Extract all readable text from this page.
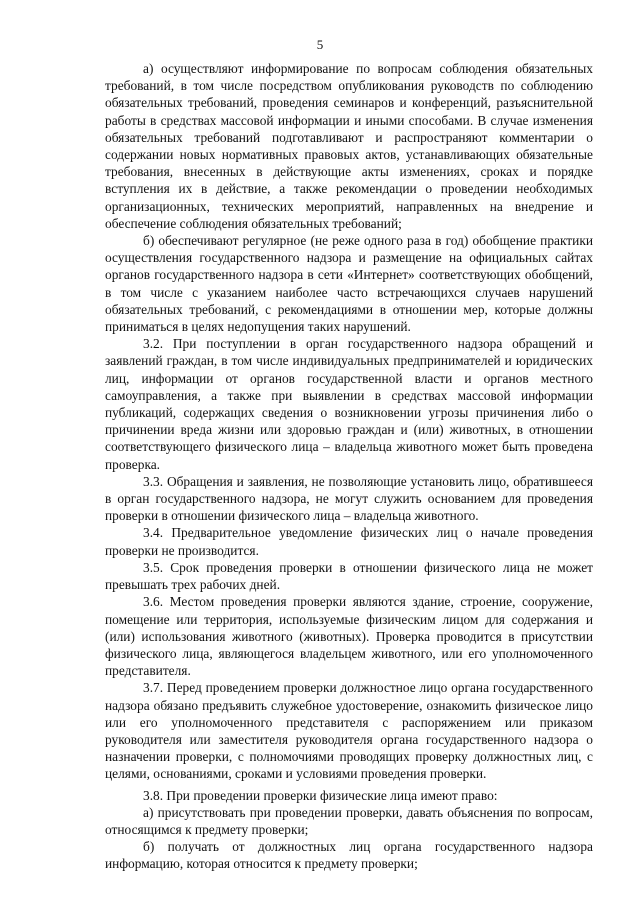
5

а) осуществляют информирование по вопросам соблюдения обязательных требований, в том числе посредством опубликования руководств по соблюдению обязательных требований, проведения семинаров и конференций, разъяснительной работы в средствах массовой информации и иными способами. В случае изменения обязательных требований подготавливают и распространяют комментарии о содержании новых нормативных правовых актов, устанавливающих обязательные требования, внесенных в действующие акты изменениях, сроках и порядке вступления их в действие, а также рекомендации о проведении необходимых организационных, технических мероприятий, направленных на внедрение и обеспечение соблюдения обязательных требований;

б) обеспечивают регулярное (не реже одного раза в год) обобщение практики осуществления государственного надзора и размещение на официальных сайтах органов государственного надзора в сети «Интернет» соответствующих обобщений, в том числе с указанием наиболее часто встречающихся случаев нарушений обязательных требований, с рекомендациями в отношении мер, которые должны приниматься в целях недопущения таких нарушений.

3.2. При поступлении в орган государственного надзора обращений и заявлений граждан, в том числе индивидуальных предпринимателей и юридических лиц, информации от органов государственной власти и органов местного самоуправления, а также при выявлении в средствах массовой информации публикаций, содержащих сведения о возникновении угрозы причинения либо о причинении вреда жизни или здоровью граждан и (или) животных, в отношении соответствующего физического лица – владельца животного может быть проведена проверка.

3.3. Обращения и заявления, не позволяющие установить лицо, обратившееся в орган государственного надзора, не могут служить основанием для проведения проверки в отношении физического лица – владельца животного.

3.4. Предварительное уведомление физических лиц о начале проведения проверки не производится.

3.5. Срок проведения проверки в отношении физического лица не может превышать трех рабочих дней.

3.6. Местом проведения проверки являются здание, строение, сооружение, помещение или территория, используемые физическим лицом для содержания и (или) использования животного (животных). Проверка проводится в присутствии физического лица, являющегося владельцем животного, или его уполномоченного представителя.

3.7. Перед проведением проверки должностное лицо органа государственного надзора обязано предъявить служебное удостоверение, ознакомить физическое лицо или его уполномоченного представителя с распоряжением или приказом руководителя или заместителя руководителя органа государственного надзора о назначении проверки, с полномочиями проводящих проверку должностных лиц, с целями, основаниями, сроками и условиями проведения проверки.

3.8. При проведении проверки физические лица имеют право:

а) присутствовать при проведении проверки, давать объяснения по вопросам, относящимся к предмету проверки;

б) получать от должностных лиц органа государственного надзора информацию, которая относится к предмету проверки;
